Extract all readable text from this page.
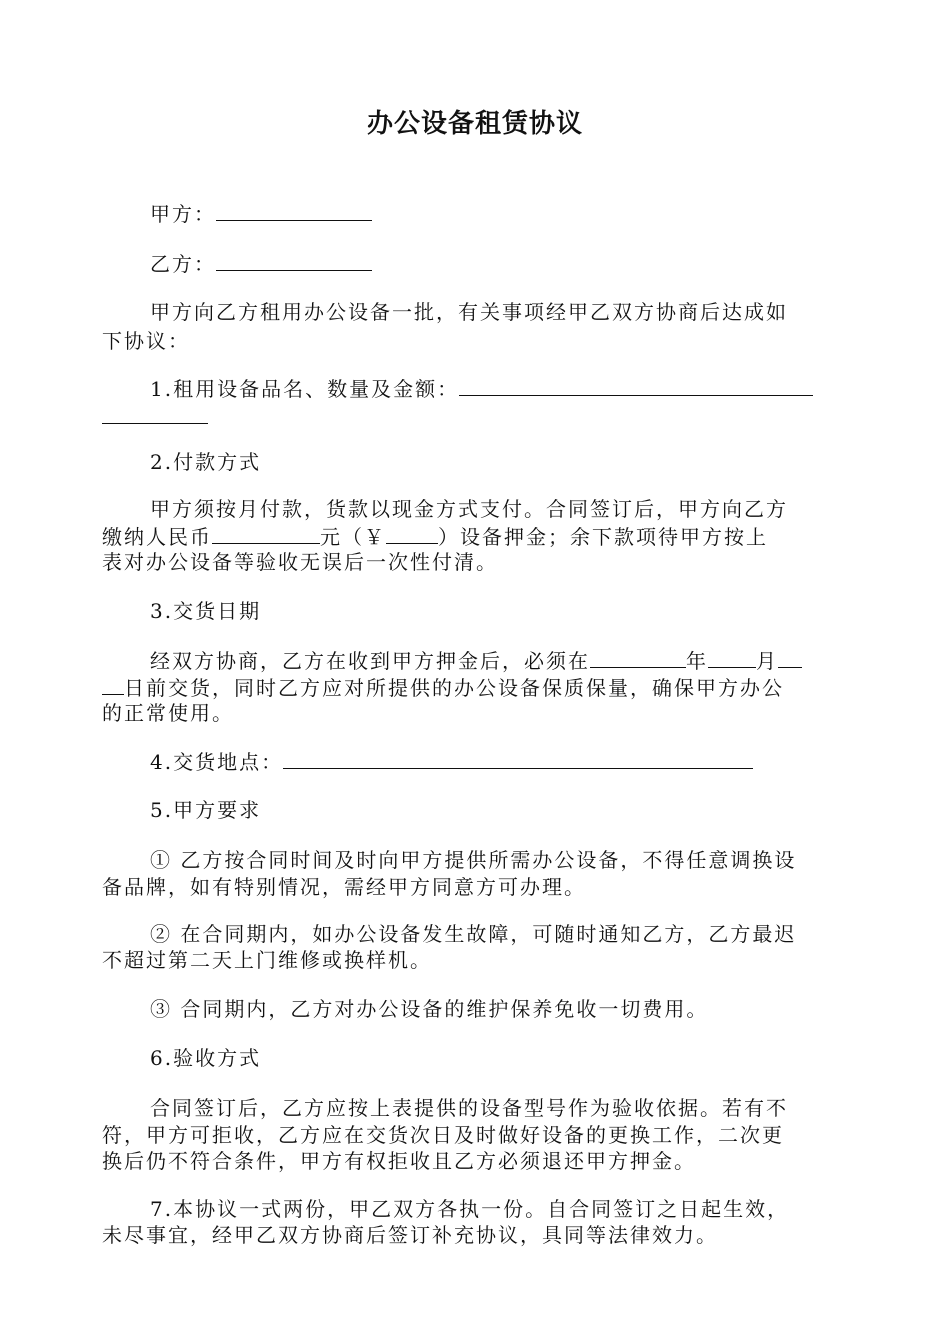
办公设备租赁协议
甲方：
乙方：
甲方向乙方租用办公设备一批，有关事项经甲乙双方协商后达成如
下协议：
1.租用设备品名、数量及金额：
2.付款方式
甲方须按月付款，货款以现金方式支付。合同签订后，甲方向乙方
缴纳人民币	元（￥	）设备押金；余下款项待甲方按上
表对办公设备等验收无误后一次性付清。
3.交货日期
经双方协商，乙方在收到甲方押金后，必须在	年 月
日前交货，同时乙方应对所提供的办公设备保质保量，确保甲方办公
的正常使用。
4.交货地点：
5.甲方要求
① 乙方按合同时间及时向甲方提供所需办公设备，不得任意调换设
备品牌，如有特别情况，需经甲方同意方可办理。
② 在合同期内，如办公设备发生故障，可随时通知乙方，乙方最迟
不超过第二天上门维修或换样机。
③ 合同期内，乙方对办公设备的维护保养免收一切费用。
6.验收方式
合同签订后，乙方应按上表提供的设备型号作为验收依据。若有不
符，甲方可拒收，乙方应在交货次日及时做好设备的更换工作，二次更
换后仍不符合条件，甲方有权拒收且乙方必须退还甲方押金。
7.本协议一式两份，甲乙双方各执一份。自合同签订之日起生效，
未尽事宜，经甲乙双方协商后签订补充协议，具同等法律效力。
